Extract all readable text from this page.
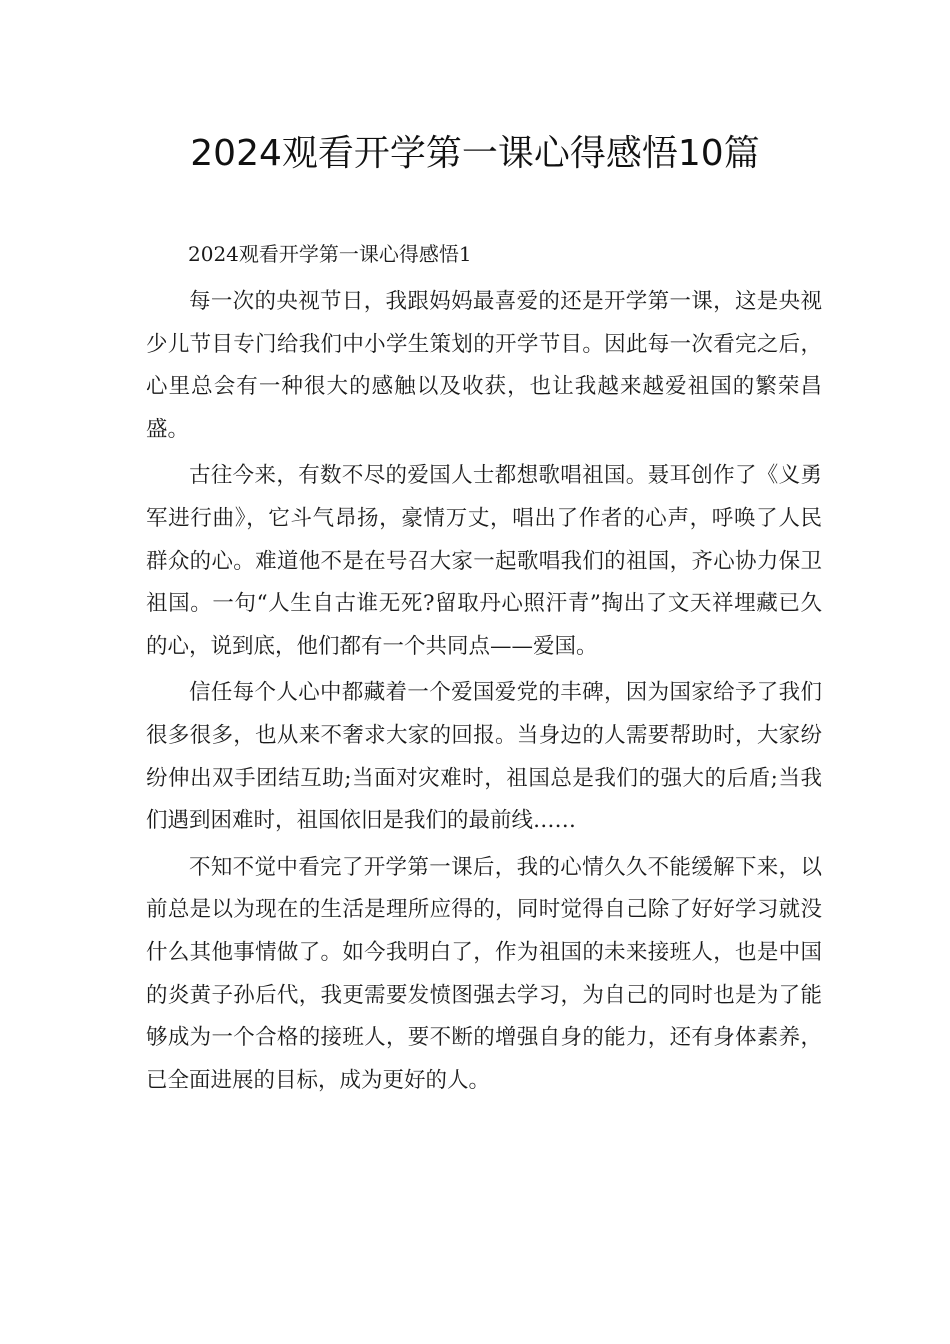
2024观看开学第一课心得感悟10篇
2024观看开学第一课心得感悟1

每一次的央视节日，我跟妈妈最喜爱的还是开学第一课，这是央视少儿节目专门给我们中小学生策划的开学节目。因此每一次看完之后，心里总会有一种很大的感触以及收获，也让我越来越爱祖国的繁荣昌盛。

古往今来，有数不尽的爱国人士都想歌唱祖国。聂耳创作了《义勇军进行曲》，它斗气昂扬，豪情万丈，唱出了作者的心声，呼唤了人民群众的心。难道他不是在号召大家一起歌唱我们的祖国，齐心协力保卫祖国。一句“人生自古谁无死?留取丹心照汗青”掏出了文天祥埋藏已久的心，说到底，他们都有一个共同点——爱国。

信任每个人心中都藏着一个爱国爱党的丰碑，因为国家给予了我们很多很多，也从来不奢求大家的回报。当身边的人需要帮助时，大家纷纷伸出双手团结互助;当面对灾难时，祖国总是我们的强大的后盾;当我们遇到困难时，祖国依旧是我们的最前线……

不知不觉中看完了开学第一课后，我的心情久久不能缓解下来，以前总是以为现在的生活是理所应得的，同时觉得自己除了好好学习就没什么其他事情做了。如今我明白了，作为祖国的未来接班人，也是中国的炎黄子孙后代，我更需要发愤图强去学习，为自己的同时也是为了能够成为一个合格的接班人，要不断的增强自身的能力，还有身体素养，已全面进展的目标，成为更好的人。
